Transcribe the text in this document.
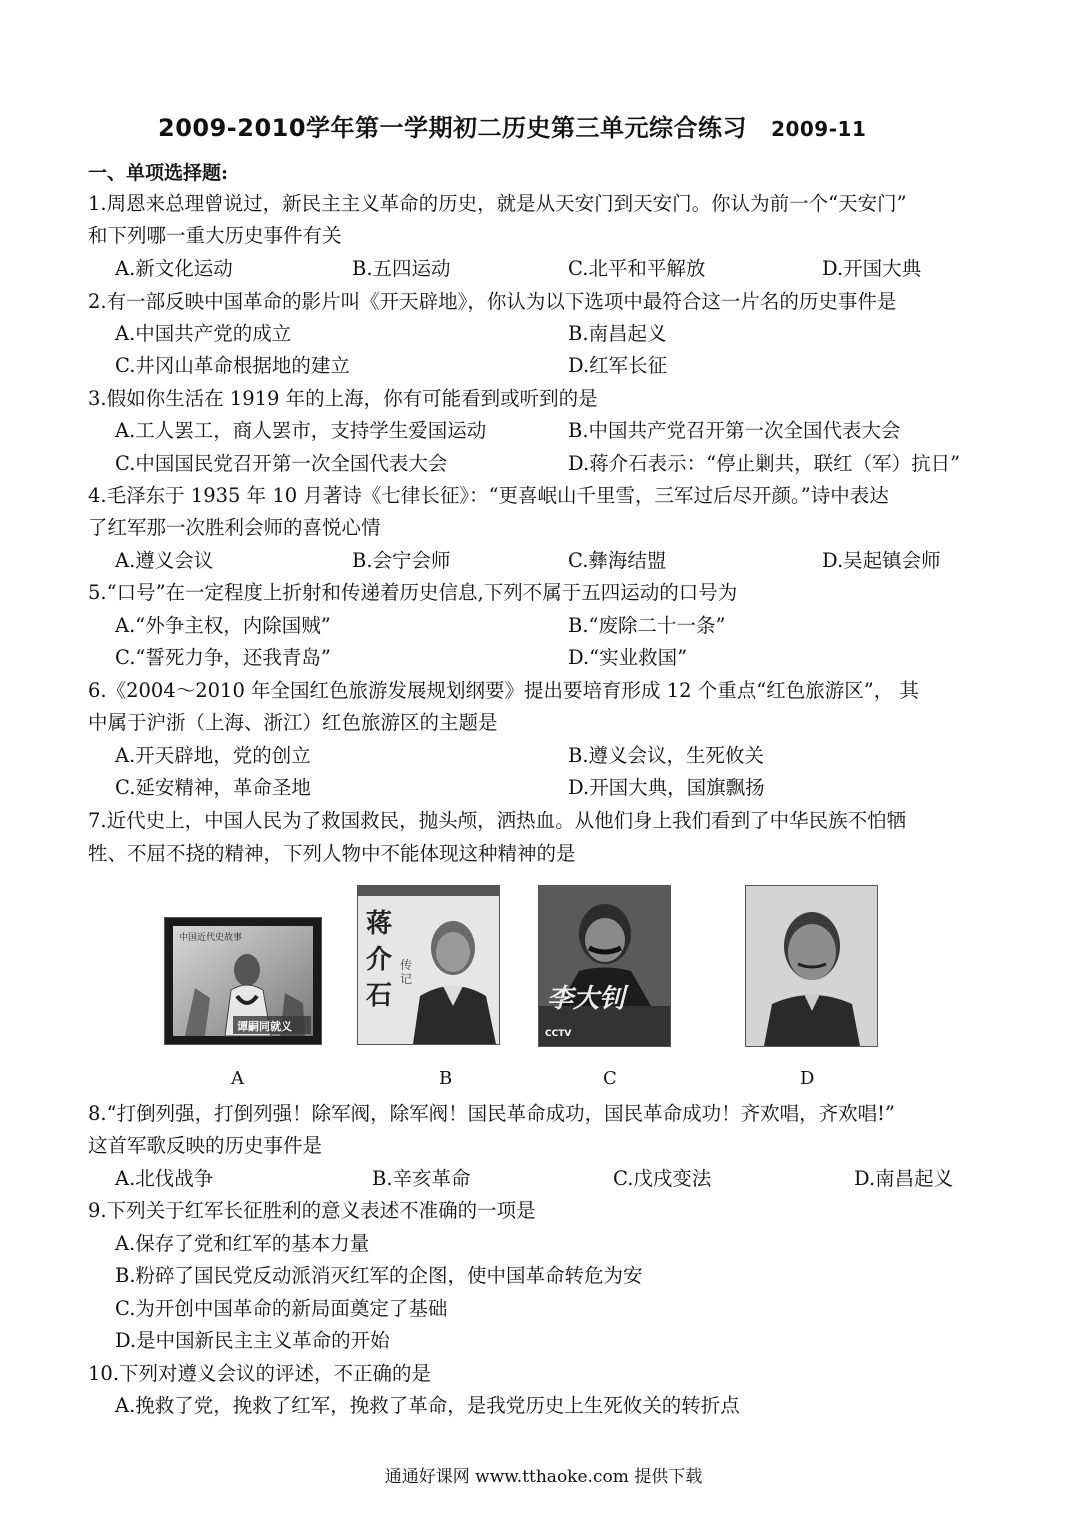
2009-2010学年第一学期初二历史第三单元综合练习 2009-11
一、单项选择题:
1.周恩来总理曾说过，新民主主义革命的历史，就是从天安门到天安门。你认为前一个“天安门”
和下列哪一重大历史事件有关
A.新文化运动	B.五四运动	C.北平和平解放	D.开国大典
2.有一部反映中国革命的影片叫《开天辟地》，你认为以下选项中最符合这一片名的历史事件是
A.中国共产党的成立	B.南昌起义
C.井冈山革命根据地的建立	D.红军长征
3.假如你生活在 1919 年的上海，你有可能看到或听到的是
A.工人罢工，商人罢市，支持学生爱国运动	B.中国共产党召开第一次全国代表大会
C.中国国民党召开第一次全国代表大会	D.蒋介石表示：“停止剿共，联红（军）抗日”
4.毛泽东于 1935 年 10 月著诗《七律长征》：“更喜岷山千里雪，三军过后尽开颜。”诗中表达
了红军那一次胜利会师的喜悦心情
A.遵义会议	B.会宁会师	C.彝海结盟	D.吴起镇会师
5.“口号”在一定程度上折射和传递着历史信息,下列不属于五四运动的口号为
A.“外争主权，内除国贼”	B.“废除二十一条”
C.“誓死力争，还我青岛”	D.“实业救国”
6.《2004～2010 年全国红色旅游发展规划纲要》提出要培育形成 12 个重点“红色旅游区”， 其
中属于沪浙（上海、浙江）红色旅游区的主题是
A.开天辟地，党的创立	B.遵义会议，生死攸关
C.延安精神，革命圣地	D.开国大典，国旗飘扬
7.近代史上，中国人民为了救国救民，抛头颅，洒热血。从他们身上我们看到了中华民族不怕牺
牲、不屈不挠的精神，下列人物中不能体现这种精神的是
中国近代史故事
谭嗣同就义
蒋介石
传记
李大钊
CCTV
A	B	C	D
8.“打倒列强，打倒列强！除军阀，除军阀！国民革命成功，国民革命成功！齐欢唱，齐欢唱!”
这首军歌反映的历史事件是
A.北伐战争	B.辛亥革命	C.戊戌变法	D.南昌起义
9.下列关于红军长征胜利的意义表述不准确的一项是
A.保存了党和红军的基本力量
B.粉碎了国民党反动派消灭红军的企图，使中国革命转危为安
C.为开创中国革命的新局面奠定了基础
D.是中国新民主主义革命的开始
10.下列对遵义会议的评述，不正确的是
A.挽救了党，挽救了红军，挽救了革命，是我党历史上生死攸关的转折点
通通好课网 www.tthaoke.com 提供下载
